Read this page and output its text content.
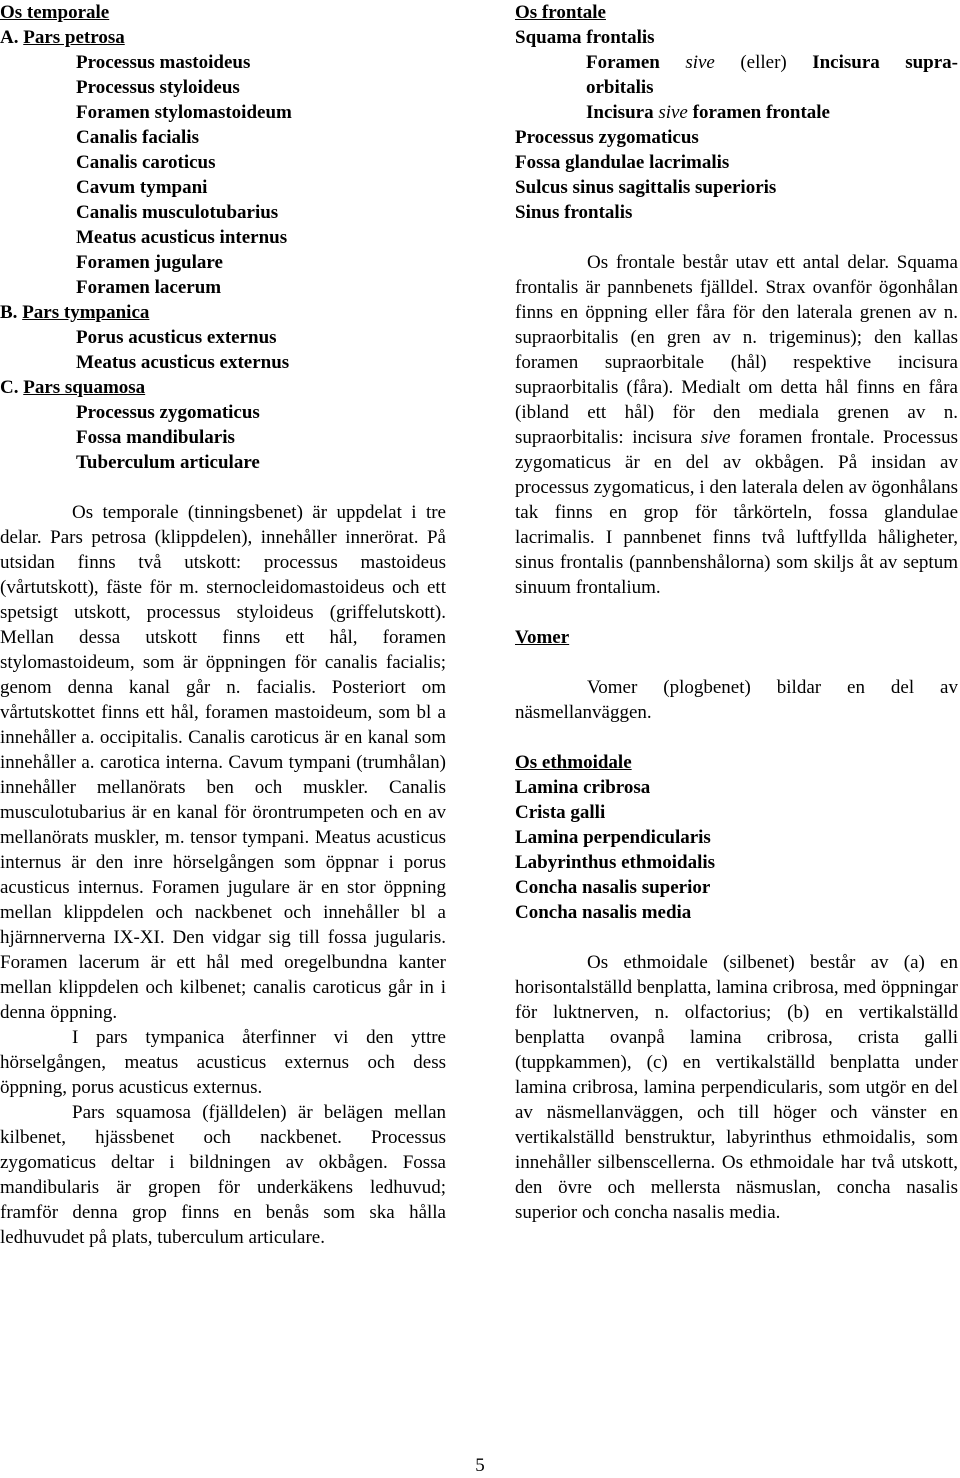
Os temporale
A. Pars petrosa
Processus mastoideus
Processus styloideus
Foramen stylomastoideum
Canalis facialis
Canalis caroticus
Cavum tympani
Canalis musculotubarius
Meatus acusticus internus
Foramen jugulare
Foramen lacerum
B. Pars tympanica
Porus acusticus externus
Meatus acusticus externus
C. Pars squamosa
Processus zygomaticus
Fossa mandibularis
Tuberculum articulare

Os temporale (tinningsbenet) är uppdelat i tre delar. Pars petrosa (klippdelen), innehåller innerörat. På utsidan finns två utskott: processus mastoideus (vårtutskott), fäste för m. sternocleidomastoideus och ett spetsigt utskott, processus styloideus (griffelutskott). Mellan dessa utskott finns ett hål, foramen stylomastoideum, som är öppningen för canalis facialis; genom denna kanal går n. facialis. Posteriort om vårtutskottet finns ett hål, foramen mastoideum, som bl a innehåller a. occipitalis. Canalis caroticus är en kanal som innehåller a. carotica interna. Cavum tympani (trumhålan) innehåller mellanörats ben och muskler. Canalis musculotubarius är en kanal för örontrumpeten och en av mellanörats muskler, m. tensor tympani. Meatus acusticus internus är den inre hörselgången som öppnar i porus acusticus internus. Foramen jugulare är en stor öppning mellan klippdelen och nackbenet och innehåller bl a hjärnnerverna IX-XI. Den vidgar sig till fossa jugularis. Foramen lacerum är ett hål med oregelbundna kanter mellan klippdelen och kilbenet; canalis caroticus går in i denna öppning.

I pars tympanica återfinner vi den yttre hörselgången, meatus acusticus externus och dess öppning, porus acusticus externus.

Pars squamosa (fjälldelen) är belägen mellan kilbenet, hjässbenet och nackbenet. Processus zygomaticus deltar i bildningen av okbågen. Fossa mandibularis är gropen för underkäkens ledhuvud; framför denna grop finns en benås som ska hålla ledhuvudet på plats, tuberculum articulare.

Os frontale
Squama frontalis
Foramen sive (eller) Incisura supra-
orbitalis
Incisura sive foramen frontale
Processus zygomaticus
Fossa glandulae lacrimalis
Sulcus sinus sagittalis superioris
Sinus frontalis

Os frontale består utav ett antal delar. Squama frontalis är pannbenets fjälldel. Strax ovanför ögonhålan finns en öppning eller fåra för den laterala grenen av n. supraorbitalis (en gren av n. trigeminus); den kallas foramen supraorbitale (hål) respektive incisura supraorbitalis (fåra). Medialt om detta hål finns en fåra (ibland ett hål) för den mediala grenen av n. supraorbitalis: incisura sive foramen frontale. Processus zygomaticus är en del av okbågen. På insidan av processus zygomaticus, i den laterala delen av ögonhålans tak finns en grop för tårkörteln, fossa glandulae lacrimalis. I pannbenet finns två luftfyllda håligheter, sinus frontalis (pannbenshålorna) som skiljs åt av septum sinuum frontalium.

Vomer

Vomer (plogbenet) bildar en del av näsmellanväggen.

Os ethmoidale
Lamina cribrosa
Crista galli
Lamina perpendicularis
Labyrinthus ethmoidalis
Concha nasalis superior
Concha nasalis media

Os ethmoidale (silbenet) består av (a) en horisontalställd benplatta, lamina cribrosa, med öppningar för luktnerven, n. olfactorius; (b) en vertikalställd benplatta ovanpå lamina cribrosa, crista galli (tuppkammen), (c) en vertikalställd benplatta under lamina cribrosa, lamina perpendicularis, som utgör en del av näsmellanväggen, och till höger och vänster en vertikalställd benstruktur, labyrinthus ethmoidalis, som innehåller silbenscellerna. Os ethmoidale har två utskott, den övre och mellersta näsmuslan, concha nasalis superior och concha nasalis media.

5
